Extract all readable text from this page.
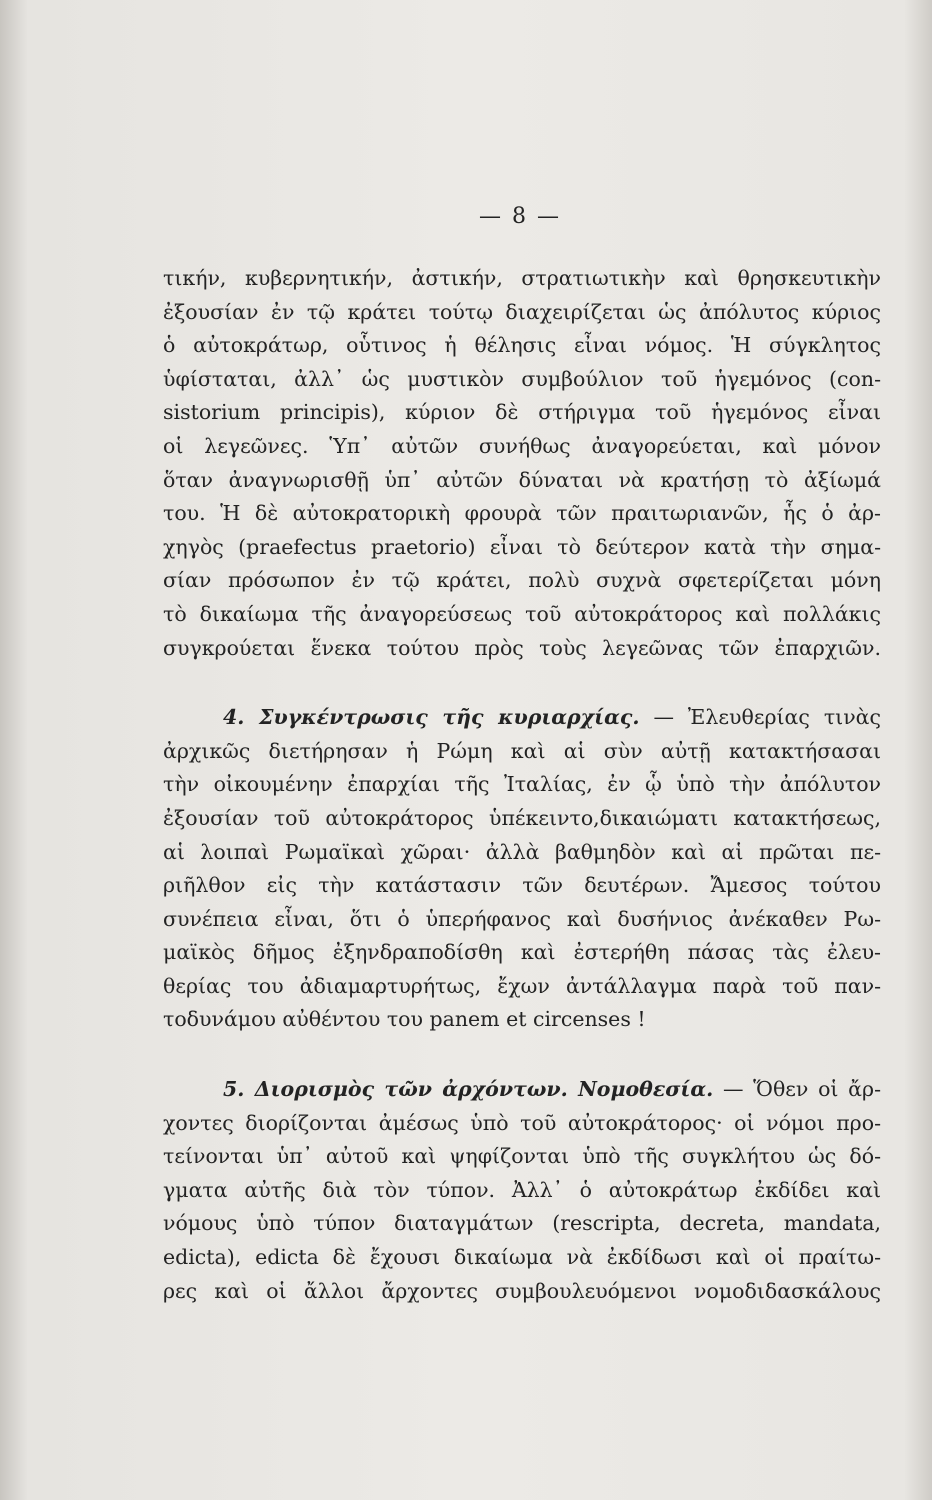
— 8 —
τικήν, κυβερνητικήν, ἀστικήν, στρατιωτικὴν καὶ θρησκευτικὴν
ἐξουσίαν ἐν τῷ κράτει τούτῳ διαχειρίζεται ὡς ἀπόλυτος κύριος
ὁ αὐτοκράτωρ, οὗτινος ἡ θέλησις εἶναι νόμος. Ἡ σύγκλητος
ὑφίσταται, ἀλλ᾽ ὡς μυστικὸν συμβούλιον τοῦ ἡγεμόνος (con-
sistorium principis), κύριον δὲ στήριγμα τοῦ ἡγεμόνος εἶναι
οἱ λεγεῶνες. Ὑπ᾽ αὐτῶν συνήθως ἀναγορεύεται, καὶ μόνον
ὅταν ἀναγνωρισθῇ ὑπ᾽ αὐτῶν δύναται νὰ κρατήσῃ τὸ ἀξίωμά
του. Ἡ δὲ αὐτοκρατορικὴ φρουρὰ τῶν πραιτωριανῶν, ἧς ὁ ἀρ-
χηγὸς (praefectus praetorio) εἶναι τὸ δεύτερον κατὰ τὴν σημα-
σίαν πρόσωπον ἐν τῷ κράτει, πολὺ συχνὰ σφετερίζεται μόνη
τὸ δικαίωμα τῆς ἀναγορεύσεως τοῦ αὐτοκράτορος καὶ πολλάκις
συγκρούεται ἕνεκα τούτου πρὸς τοὺς λεγεῶνας τῶν ἐπαρχιῶν.
4. Συγκέντρωσις τῆς κυριαρχίας. — Ἐλευθερίας τινὰς
ἀρχικῶς διετήρησαν ἡ Ρώμη καὶ αἱ σὺν αὐτῇ κατακτήσασαι
τὴν οἰκουμένην ἐπαρχίαι τῆς Ἰταλίας, ἐν ᾧ ὑπὸ τὴν ἀπόλυτον
ἐξουσίαν τοῦ αὐτοκράτορος ὑπέκειντο,δικαιώματι κατακτήσεως,
αἱ λοιπαὶ Ρωμαϊκαὶ χῶραι· ἀλλὰ βαθμηδὸν καὶ αἱ πρῶται πε-
ριῆλθον εἰς τὴν κατάστασιν τῶν δευτέρων. Ἄμεσος τούτου
συνέπεια εἶναι, ὅτι ὁ ὑπερήφανος καὶ δυσήνιος ἀνέκαθεν Ρω-
μαϊκὸς δῆμος ἐξηνδραποδίσθη καὶ ἐστερήθη πάσας τὰς ἐλευ-
θερίας του ἀδιαμαρτυρήτως, ἔχων ἀντάλλαγμα παρὰ τοῦ παν-
τοδυνάμου αὐθέντου του panem et circenses !
5. Διορισμὸς τῶν ἀρχόντων. Νομοθεσία. — Ὅθεν οἱ ἄρ-
χοντες διορίζονται ἀμέσως ὑπὸ τοῦ αὐτοκράτορος· οἱ νόμοι προ-
τείνονται ὑπ᾽ αὐτοῦ καὶ ψηφίζονται ὑπὸ τῆς συγκλήτου ὡς δό-
γματα αὐτῆς διὰ τὸν τύπον. Ἀλλ᾽ ὁ αὐτοκράτωρ ἐκδίδει καὶ
νόμους ὑπὸ τύπον διαταγμάτων (rescripta, decreta, mandata,
edicta), edicta δὲ ἔχουσι δικαίωμα νὰ ἐκδίδωσι καὶ οἱ πραίτω-
ρες καὶ οἱ ἄλλοι ἄρχοντες συμβουλευόμενοι νομοδιδασκάλους
